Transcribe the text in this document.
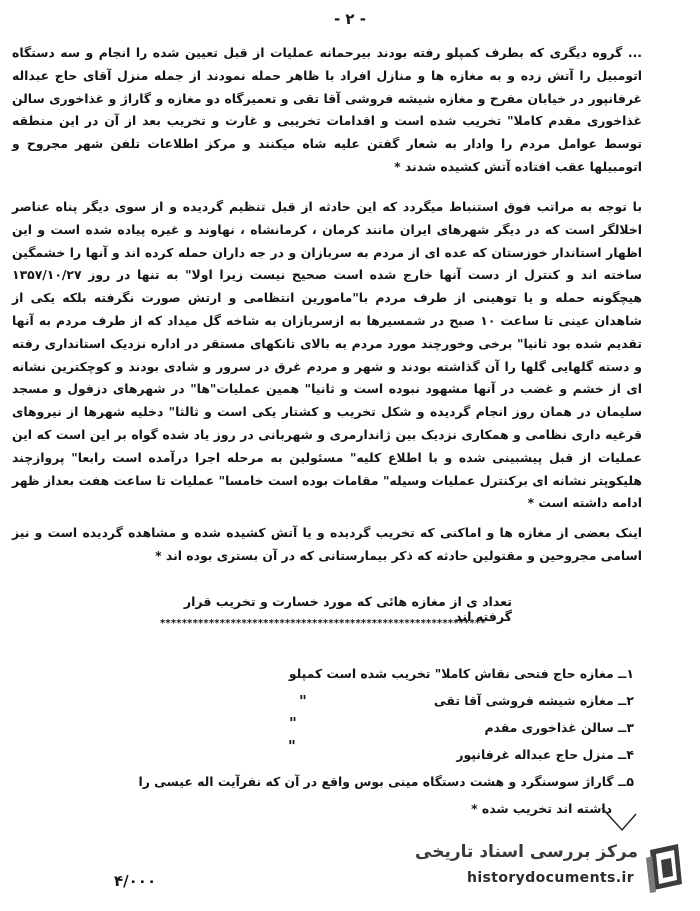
- ۲ -

... گروه دیگری که بطرف کمپلو رفته بودند بیرحمانه عملیات از قبل تعیین شده را انجام و سه دستگاه اتومبیل را آتش زده و به مغازه ها و منازل افراد با ظاهر حمله نمودند از جمله منزل آقای حاج عبداله غرفانپور در خیابان مفرح و مغازه شیشه فروشی آقا تقی و تعمیرگاه دو مغازه و گاراژ و غذاخوری سالن غذاخوری مقدم کاملا" تخریب شده است و اقدامات تخریبی و غارت و تخریب بعد از آن در این منطقه توسط عوامل مردم را وادار به شعار گفتن علیه شاه میکنند و مرکز اطلاعات تلفن شهر مجروح و اتومبیلها عقب افتاده آتش کشیده شدند *

با توجه به مراتب فوق استنباط میگردد که این حادثه از قبل تنظیم گردیده و از سوی دیگر پناه عناصر اخلالگر است که در دیگر شهرهای ایران مانند کرمان ، کرمانشاه ، نهاوند و غیره پیاده شده است و این اظهار استاندار خوزستان که عده ای از مردم به سربازان و در جه داران حمله کرده اند و آنها را خشمگین ساخته اند و کنترل از دست آنها خارج شده است صحیح نیست زیرا اولا" به تنها در روز ۱۳۵۷/۱۰/۲۷ هیچگونه حمله و یا توهینی از طرف مردم با"مامورین انتظامی و ارتش صورت نگرفته بلکه یکی از شاهدان عینی تا ساعت ۱۰ صبح در شمسیرها به ازسربازان به شاخه گل میداد که از طرف مردم به آنها تقدیم شده بود ثانیا" برخی وخورچند مورد مردم به بالای تانکهای مستقر در اداره نزدیک استانداری رفته و دسته گلهایی گلها را آن گذاشته بودند و شهر و مردم غرق در سرور و شادی بودند و کوچکترین نشانه ای از خشم و غضب در آنها مشهود نبوده است و ثانیا" همین عملیات"ها" در شهرهای دزفول و مسجد سلیمان در همان روز انجام گردیده و شکل تخریب و کشتار یکی است و ثالثا" دخلیه شهرها از نیروهای قرغیه داری نظامی و همکاری نزدیک بین ژاندارمری و شهربانی در روز یاد شده گواه بر این است که این عملیات از قبل پیشبینی شده و با اطلاع کلیه" مسئولین به مرحله اجرا درآمده است رابعا" پروازچند هلیکوپتر نشانه ای برکنترل عملیات وسیله" مقامات بوده است خامسا" عملیات تا ساعت هفت بعداز ظهر ادامه داشته است *

اینک بعضی از مغازه ها و اماکنی که تخریب گردیده و یا آتش کشیده شده و مشاهده گردیده است و نیز اسامی مجروحین و مقتولین حادثه که ذکر بیمارستانی که در آن بستری بوده اند *

تعداد ی از مغازه هائی که مورد خسارت و تخریب قرار گرفته اند
************************************************************
۱ــ مغازه حاج فتحی نقاش کاملا" تخریب شده است کمپلو
۲ــ مغازه شیشه فروشی آقا تقی
۳ــ سالن غذاخوری مقدم
۴ــ منزل حاج عبداله غرفانپور
۵ــ گاراژ سوسنگرد و هشت دستگاه مینی بوس واقع در آن که نفرآیت اله عیسی را
داشته اند تخریب شده *
"
"
"
۴/۰۰۰
مرکز بررسی اسناد تاریخی
historydocuments.ir
